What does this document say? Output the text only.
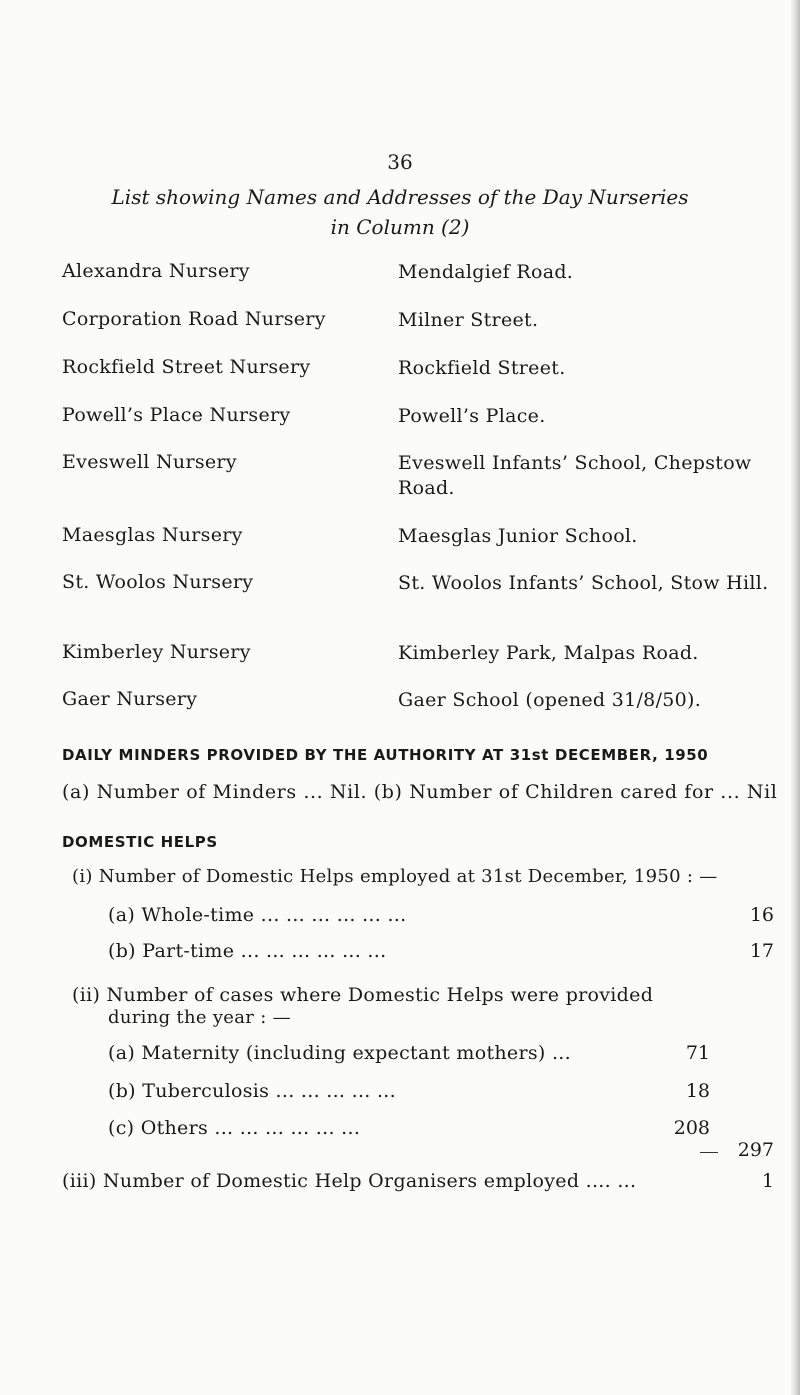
36
List showing Names and Addresses of the Day Nurseries
in Column (2)
Alexandra Nursery	Mendalgief Road.
Corporation Road Nursery	Milner Street.
Rockfield Street Nursery	Rockfield Street.
Powell’s Place Nursery	Powell’s Place.
Eveswell Nursery	Eveswell Infants’ School, Chepstow Road.
Maesglas Nursery	Maesglas Junior School.
St. Woolos Nursery	St. Woolos Infants’ School, Stow Hill.
Kimberley Nursery	Kimberley Park, Malpas Road.
Gaer Nursery	Gaer School (opened 31/8/50).
DAILY MINDERS PROVIDED BY THE AUTHORITY AT 31st DECEMBER, 1950
(a) Number of Minders ... Nil. (b) Number of Children cared for ... Nil
DOMESTIC HELPS
(i) Number of Domestic Helps employed at 31st December, 1950 : —
(a) Whole-time ... ... ... ... ... ...	16
(b) Part-time ... ... ... ... ... ...	17
(ii) Number of cases where Domestic Helps were provided
during the year : —
(a) Maternity (including expectant mothers) ...	71
(b) Tuberculosis ... ... ... ... ...	18
(c) Others ... ... ... ... ... ...	208
297
(iii) Number of Domestic Help Organisers employed .... ...	1
